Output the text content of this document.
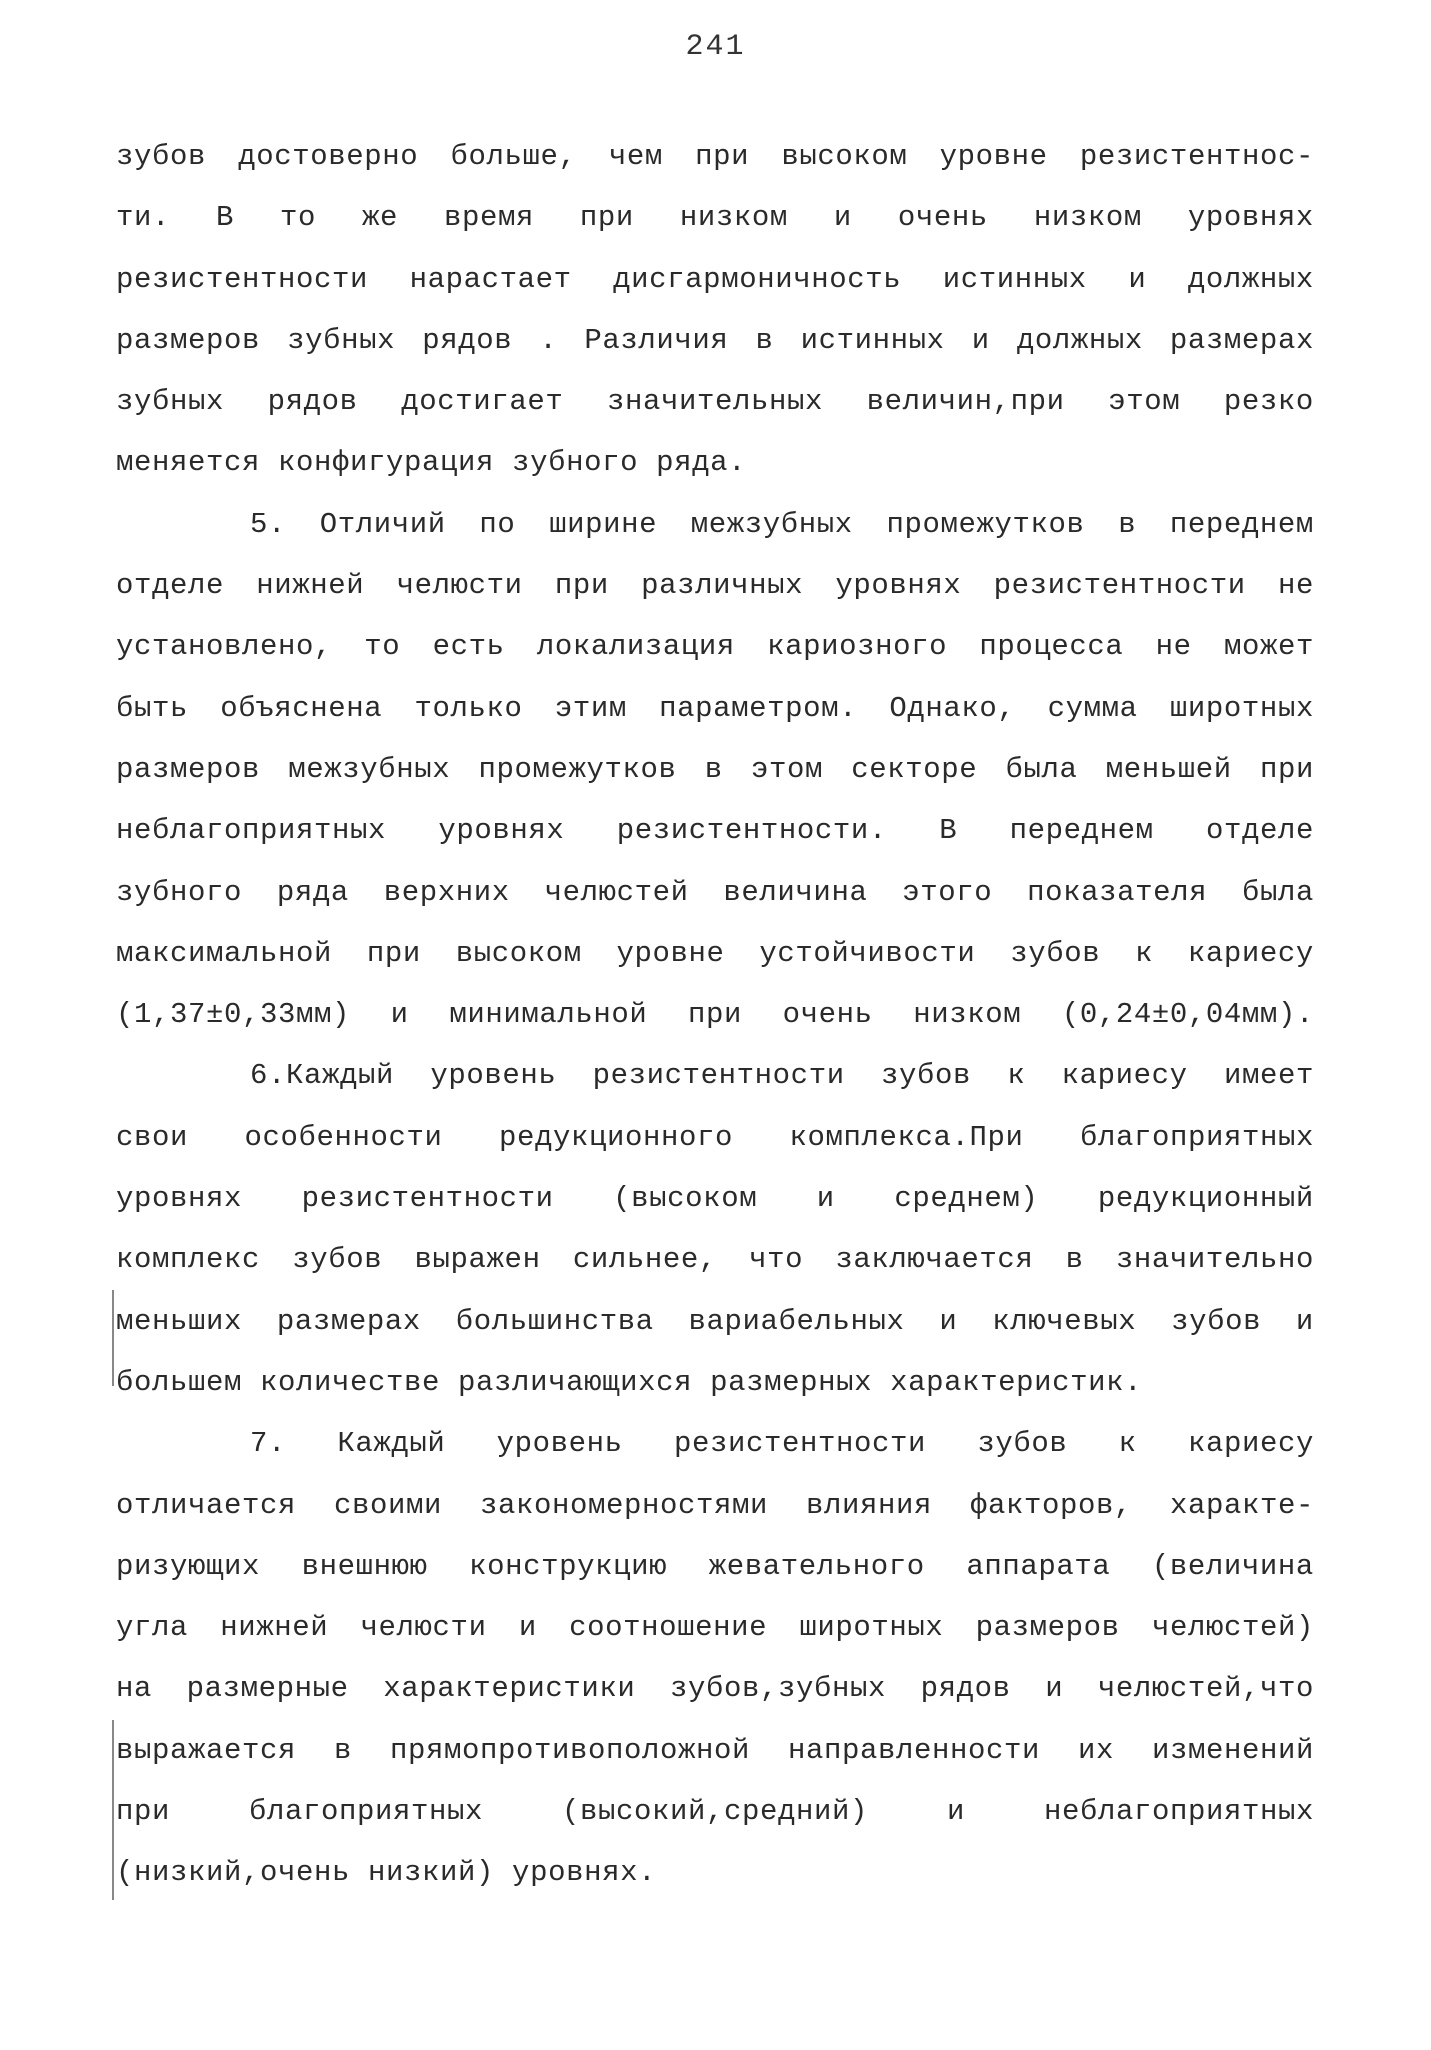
241
зубов достоверно больше, чем при высоком уровне резистентнос-
ти. В то же время при низком и очень низком уровнях
резистентности нарастает дисгармоничность истинных и должных
размеров зубных рядов . Различия в истинных и должных размерах
зубных рядов достигает значительных величин,при этом резко
меняется конфигурация зубного ряда.
5. Отличий по ширине межзубных промежутков в переднем
отделе нижней челюсти при различных уровнях резистентности не
установлено, то есть локализация кариозного процесса не может
быть объяснена только этим параметром. Однако, сумма широтных
размеров межзубных промежутков в этом секторе была меньшей при
неблагоприятных уровнях резистентности. В переднем отделе
зубного ряда верхних челюстей величина этого показателя была
максимальной при высоком уровне устойчивости зубов к кариесу
(1,37±0,33мм) и минимальной при очень низком (0,24±0,04мм).
6.Каждый уровень резистентности зубов к кариесу имеет
свои особенности редукционного комплекса.При благоприятных
уровнях резистентности (высоком и среднем) редукционный
комплекс зубов выражен сильнее, что заключается в значительно
меньших размерах большинства вариабельных и ключевых зубов и
большем количестве различающихся размерных характеристик.
7. Каждый уровень резистентности зубов к кариесу
отличается своими закономерностями влияния факторов, характе-
ризующих внешнюю конструкцию жевательного аппарата (величина
угла нижней челюсти и соотношение широтных размеров челюстей)
на размерные характеристики зубов,зубных рядов и челюстей,что
выражается в прямопротивоположной направленности их изменений
при	благоприятных	(высокий,средний)	и	неблагоприятных
(низкий,очень низкий) уровнях.
